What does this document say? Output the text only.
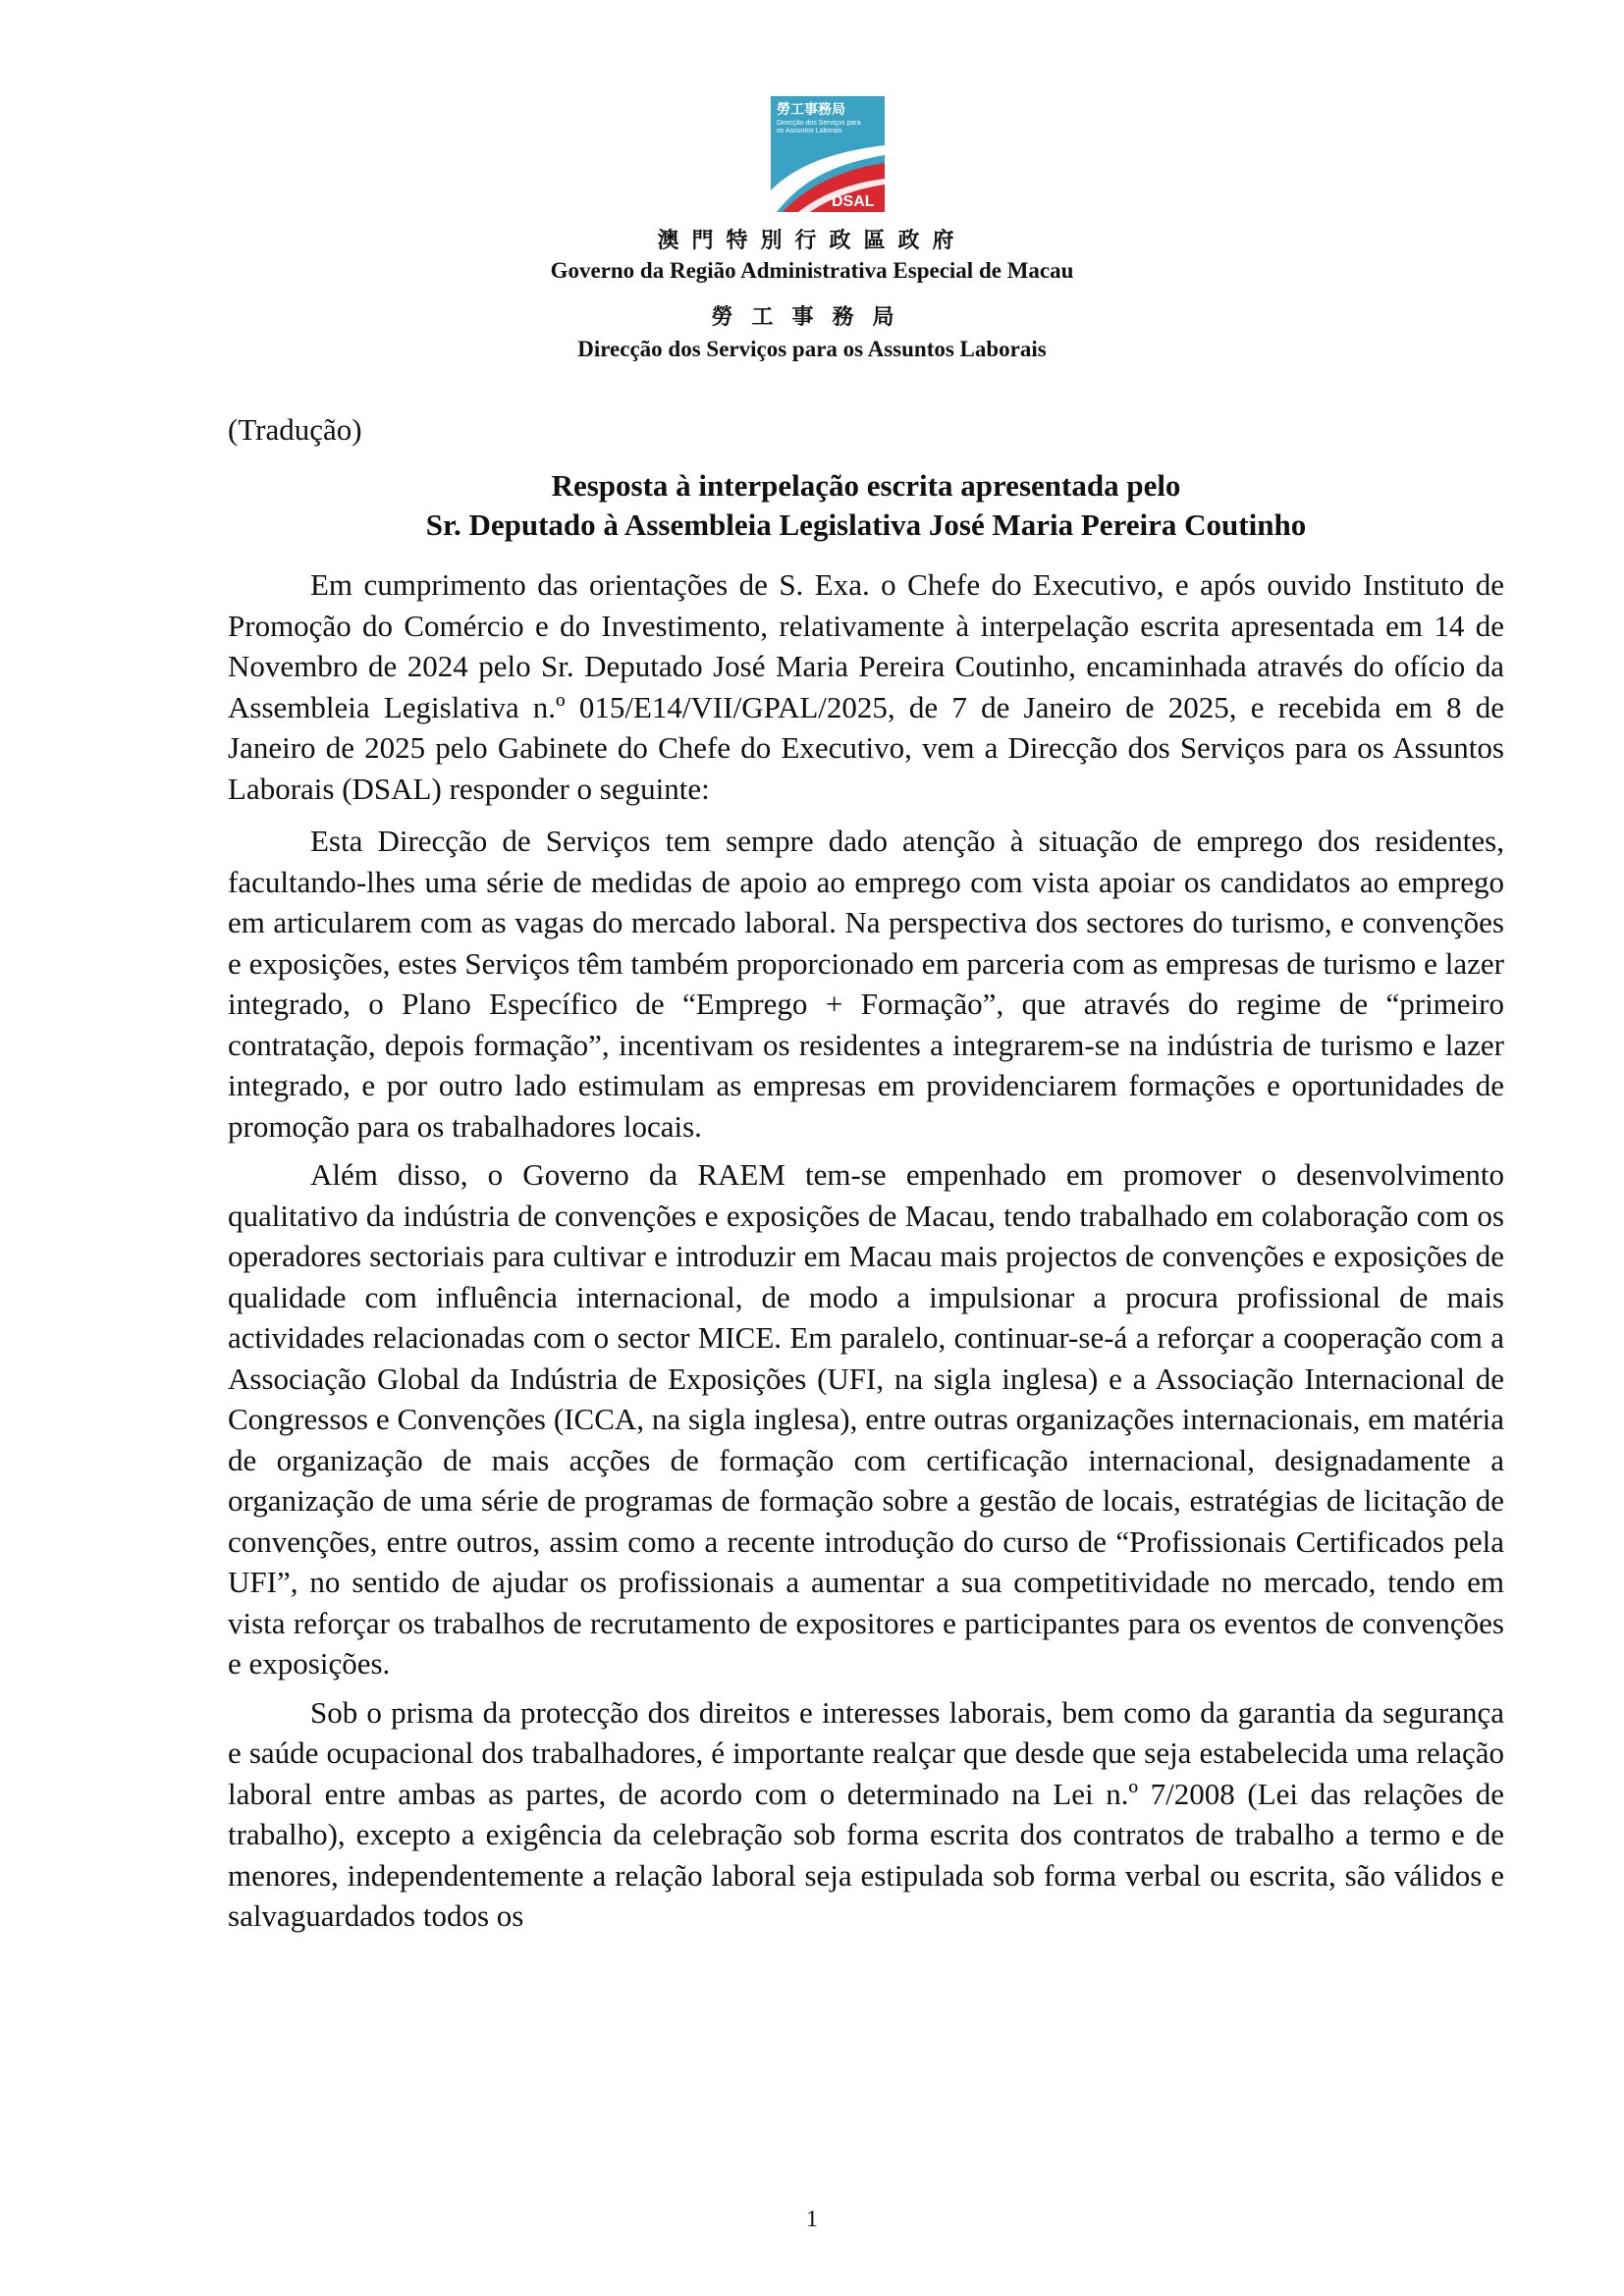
勞工事務局
Direcção dos Serviços para os Assuntos Laborais
DSAL
澳門特別行政區政府
Governo da Região Administrativa Especial de Macau
勞工事務局
Direcção dos Serviços para os Assuntos Laborais
(Tradução)
Resposta à interpelação escrita apresentada pelo
Sr. Deputado à Assembleia Legislativa José Maria Pereira Coutinho

Em cumprimento das orientações de S. Exa. o Chefe do Executivo, e após ouvido Instituto de Promoção do Comércio e do Investimento, relativamente à interpelação escrita apresentada em 14 de Novembro de 2024 pelo Sr. Deputado José Maria Pereira Coutinho, encaminhada através do ofício da Assembleia Legislativa n.º 015/E14/VII/GPAL/2025, de 7 de Janeiro de 2025, e recebida em 8 de Janeiro de 2025 pelo Gabinete do Chefe do Executivo, vem a Direcção dos Serviços para os Assuntos Laborais (DSAL) responder o seguinte:

Esta Direcção de Serviços tem sempre dado atenção à situação de emprego dos residentes, facultando-lhes uma série de medidas de apoio ao emprego com vista apoiar os candidatos ao emprego em articularem com as vagas do mercado laboral. Na perspectiva dos sectores do turismo, e convenções e exposições, estes Serviços têm também proporcionado em parceria com as empresas de turismo e lazer integrado, o Plano Específico de “Emprego + Formação”, que através do regime de “primeiro contratação, depois formação”, incentivam os residentes a integrarem-se na indústria de turismo e lazer integrado, e por outro lado estimulam as empresas em providenciarem formações e oportunidades de promoção para os trabalhadores locais.

Além disso, o Governo da RAEM tem-se empenhado em promover o desenvolvimento qualitativo da indústria de convenções e exposições de Macau, tendo trabalhado em colaboração com os operadores sectoriais para cultivar e introduzir em Macau mais projectos de convenções e exposições de qualidade com influência internacional, de modo a impulsionar a procura profissional de mais actividades relacionadas com o sector MICE. Em paralelo, continuar-se-á a reforçar a cooperação com a Associação Global da Indústria de Exposições (UFI, na sigla inglesa) e a Associação Internacional de Congressos e Convenções (ICCA, na sigla inglesa), entre outras organizações internacionais, em matéria de organização de mais acções de formação com certificação internacional, designadamente a organização de uma série de programas de formação sobre a gestão de locais, estratégias de licitação de convenções, entre outros, assim como a recente introdução do curso de “Profissionais Certificados pela UFI”, no sentido de ajudar os profissionais a aumentar a sua competitividade no mercado, tendo em vista reforçar os trabalhos de recrutamento de expositores e participantes para os eventos de convenções e exposições.

Sob o prisma da protecção dos direitos e interesses laborais, bem como da garantia da segurança e saúde ocupacional dos trabalhadores, é importante realçar que desde que seja estabelecida uma relação laboral entre ambas as partes, de acordo com o determinado na Lei n.º 7/2008 (Lei das relações de trabalho), excepto a exigência da celebração sob forma escrita dos contratos de trabalho a termo e de menores, independentemente a relação laboral seja estipulada sob forma verbal ou escrita, são válidos e salvaguardados todos os

1
